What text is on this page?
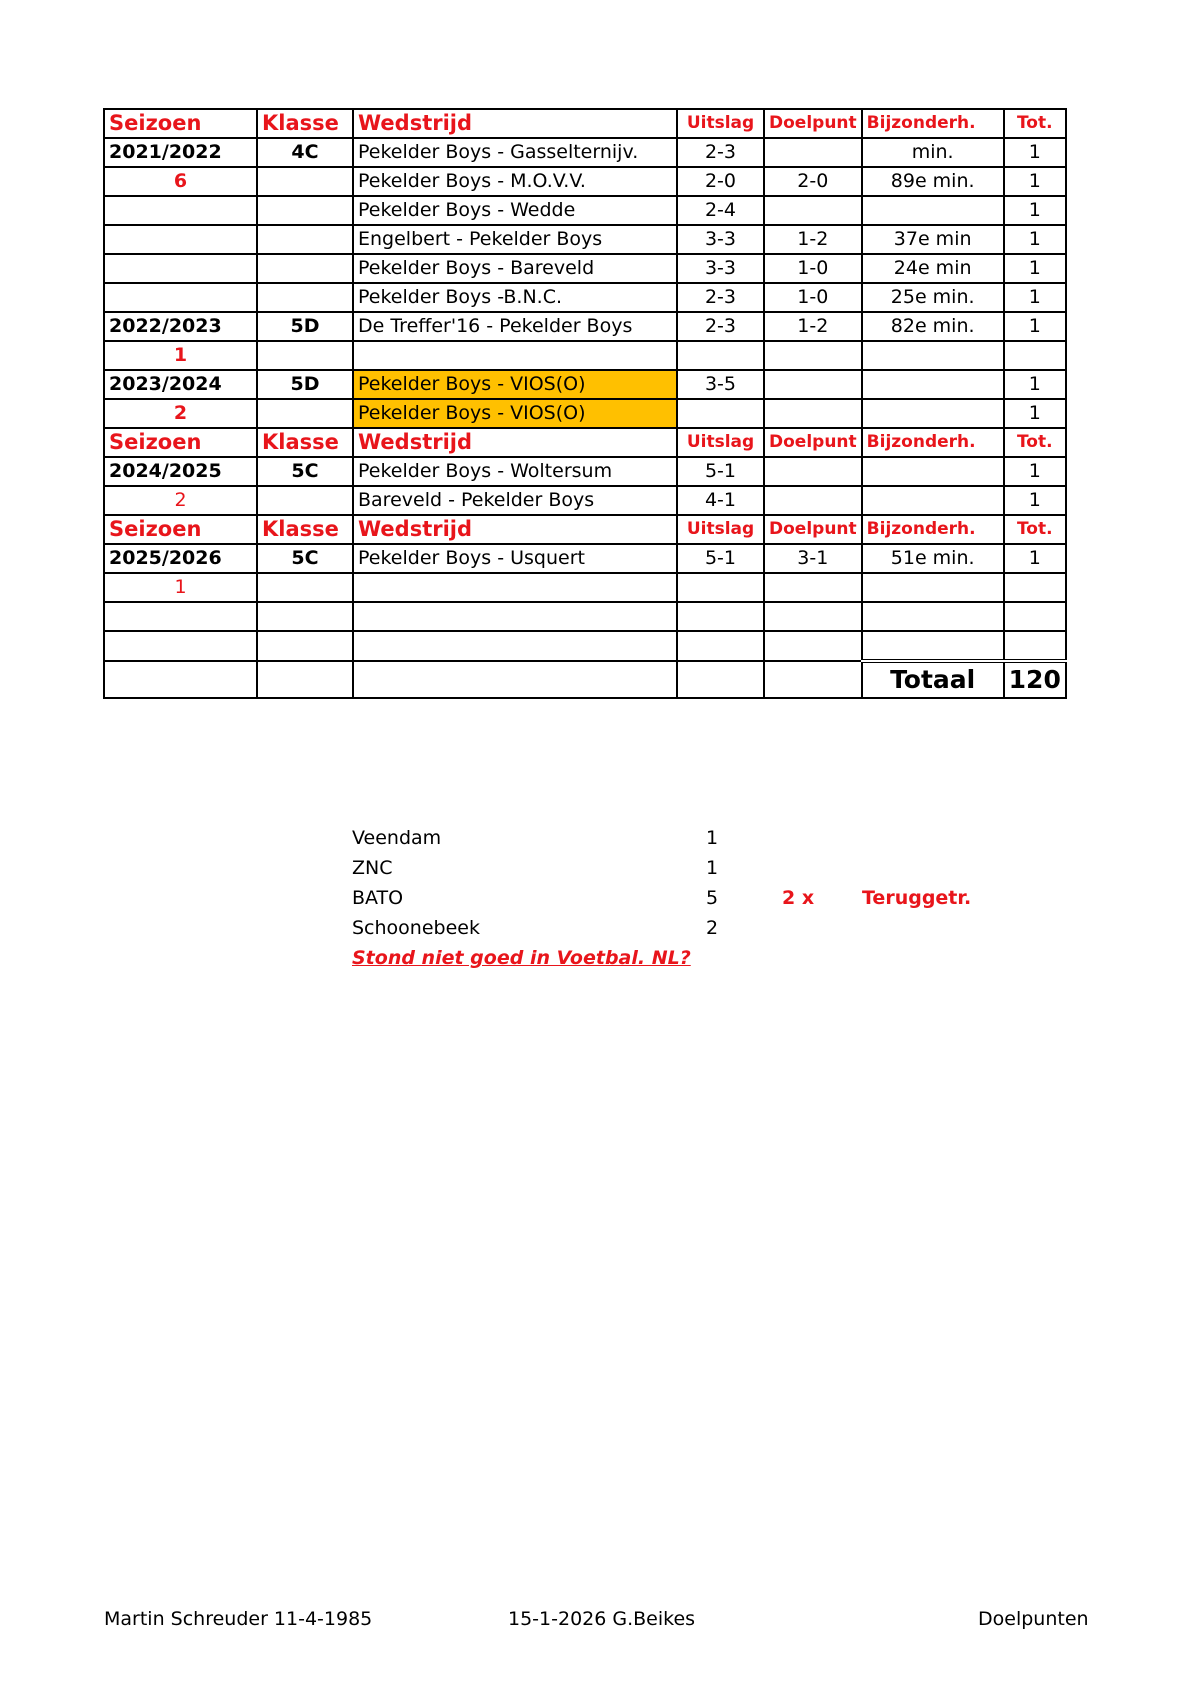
Seizoen	Klasse	Wedstrijd	Uitslag	Doelpunt	Bijzonderh.	Tot.
2021/2022	4C	Pekelder Boys - Gasselternijv.	2-3		min.	1
6		Pekelder Boys - M.O.V.V.	2-0	2-0	89e min.	1
		Pekelder Boys - Wedde	2-4			1
		Engelbert - Pekelder Boys	3-3	1-2	37e min	1
		Pekelder Boys - Bareveld	3-3	1-0	24e min	1
		Pekelder Boys -B.N.C.	2-3	1-0	25e min.	1
2022/2023	5D	De Treffer'16 - Pekelder Boys	2-3	1-2	82e min.	1
1						
2023/2024	5D	Pekelder Boys - VIOS(O)	3-5			1
2		Pekelder Boys - VIOS(O)				1
Seizoen	Klasse	Wedstrijd	Uitslag	Doelpunt	Bijzonderh.	Tot.
2024/2025	5C	Pekelder Boys - Woltersum	5-1			1
2		Bareveld - Pekelder Boys	4-1			1
Seizoen	Klasse	Wedstrijd	Uitslag	Doelpunt	Bijzonderh.	Tot.
2025/2026	5C	Pekelder Boys - Usquert	5-1	3-1	51e min.	1
1						

					Totaal	120
Veendam	1
ZNC	1
BATO	5	2 x	Teruggetr.
Schoonebeek	2
Stond niet goed in Voetbal. NL?
Martin Schreuder 11-4-1985	15-1-2026 G.Beikes	Doelpunten
